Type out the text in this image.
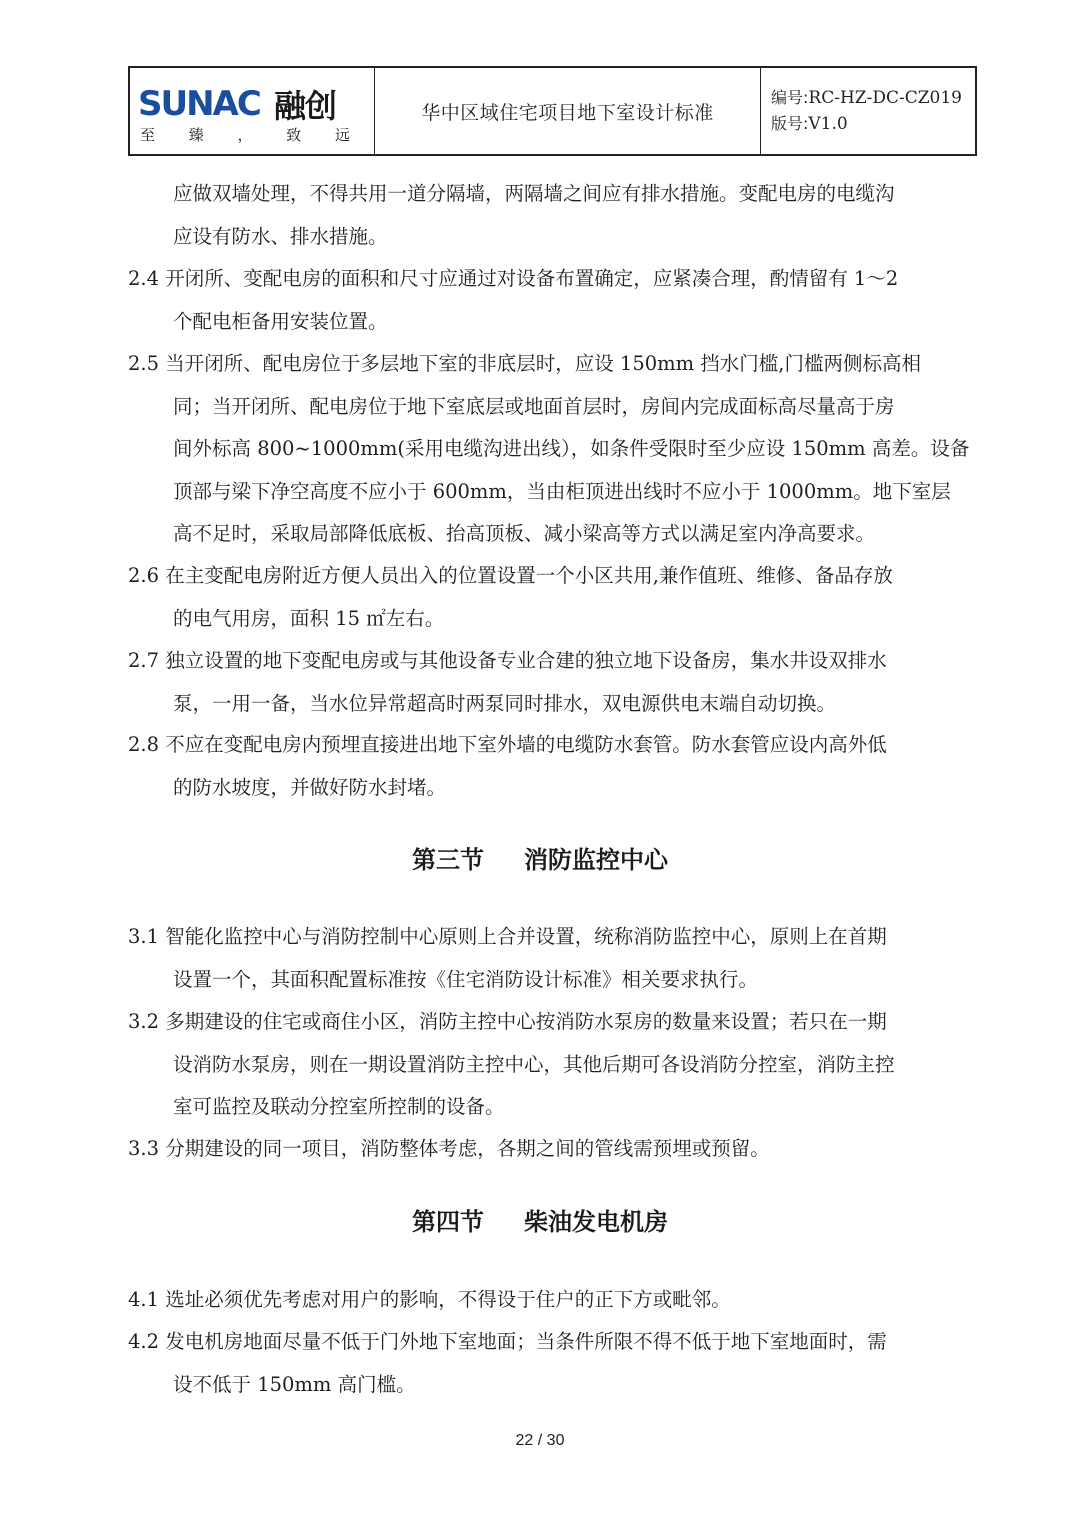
SUNAC 融创
至 臻 ， 致 远
华中区域住宅项目地下室设计标准
编号:RC-HZ-DC-CZ019
版号:V1.0
应做双墙处理，不得共用一道分隔墙，两隔墙之间应有排水措施。变配电房的电缆沟
应设有防水、排水措施。
2.4 开闭所、变配电房的面积和尺寸应通过对设备布置确定，应紧凑合理，酌情留有 1～2
个配电柜备用安装位置。
2.5 当开闭所、配电房位于多层地下室的非底层时，应设 150mm 挡水门槛,门槛两侧标高相
同；当开闭所、配电房位于地下室底层或地面首层时，房间内完成面标高尽量高于房
间外标高 800~1000mm(采用电缆沟进出线），如条件受限时至少应设 150mm 高差。设备
顶部与梁下净空高度不应小于 600mm，当由柜顶进出线时不应小于 1000mm。地下室层
高不足时，采取局部降低底板、抬高顶板、减小梁高等方式以满足室内净高要求。
2.6 在主变配电房附近方便人员出入的位置设置一个小区共用,兼作值班、维修、备品存放
的电气用房，面积 15 ㎡左右。
2.7 独立设置的地下变配电房或与其他设备专业合建的独立地下设备房，集水井设双排水
泵，一用一备，当水位异常超高时两泵同时排水，双电源供电末端自动切换。
2.8 不应在变配电房内预埋直接进出地下室外墙的电缆防水套管。防水套管应设内高外低
的防水坡度，并做好防水封堵。
第三节 消防监控中心
3.1 智能化监控中心与消防控制中心原则上合并设置，统称消防监控中心，原则上在首期
设置一个，其面积配置标准按《住宅消防设计标准》相关要求执行。
3.2 多期建设的住宅或商住小区，消防主控中心按消防水泵房的数量来设置；若只在一期
设消防水泵房，则在一期设置消防主控中心，其他后期可各设消防分控室，消防主控
室可监控及联动分控室所控制的设备。
3.3 分期建设的同一项目，消防整体考虑，各期之间的管线需预埋或预留。
第四节 柴油发电机房
4.1 选址必须优先考虑对用户的影响，不得设于住户的正下方或毗邻。
4.2 发电机房地面尽量不低于门外地下室地面；当条件所限不得不低于地下室地面时，需
设不低于 150mm 高门槛。
22 / 30
